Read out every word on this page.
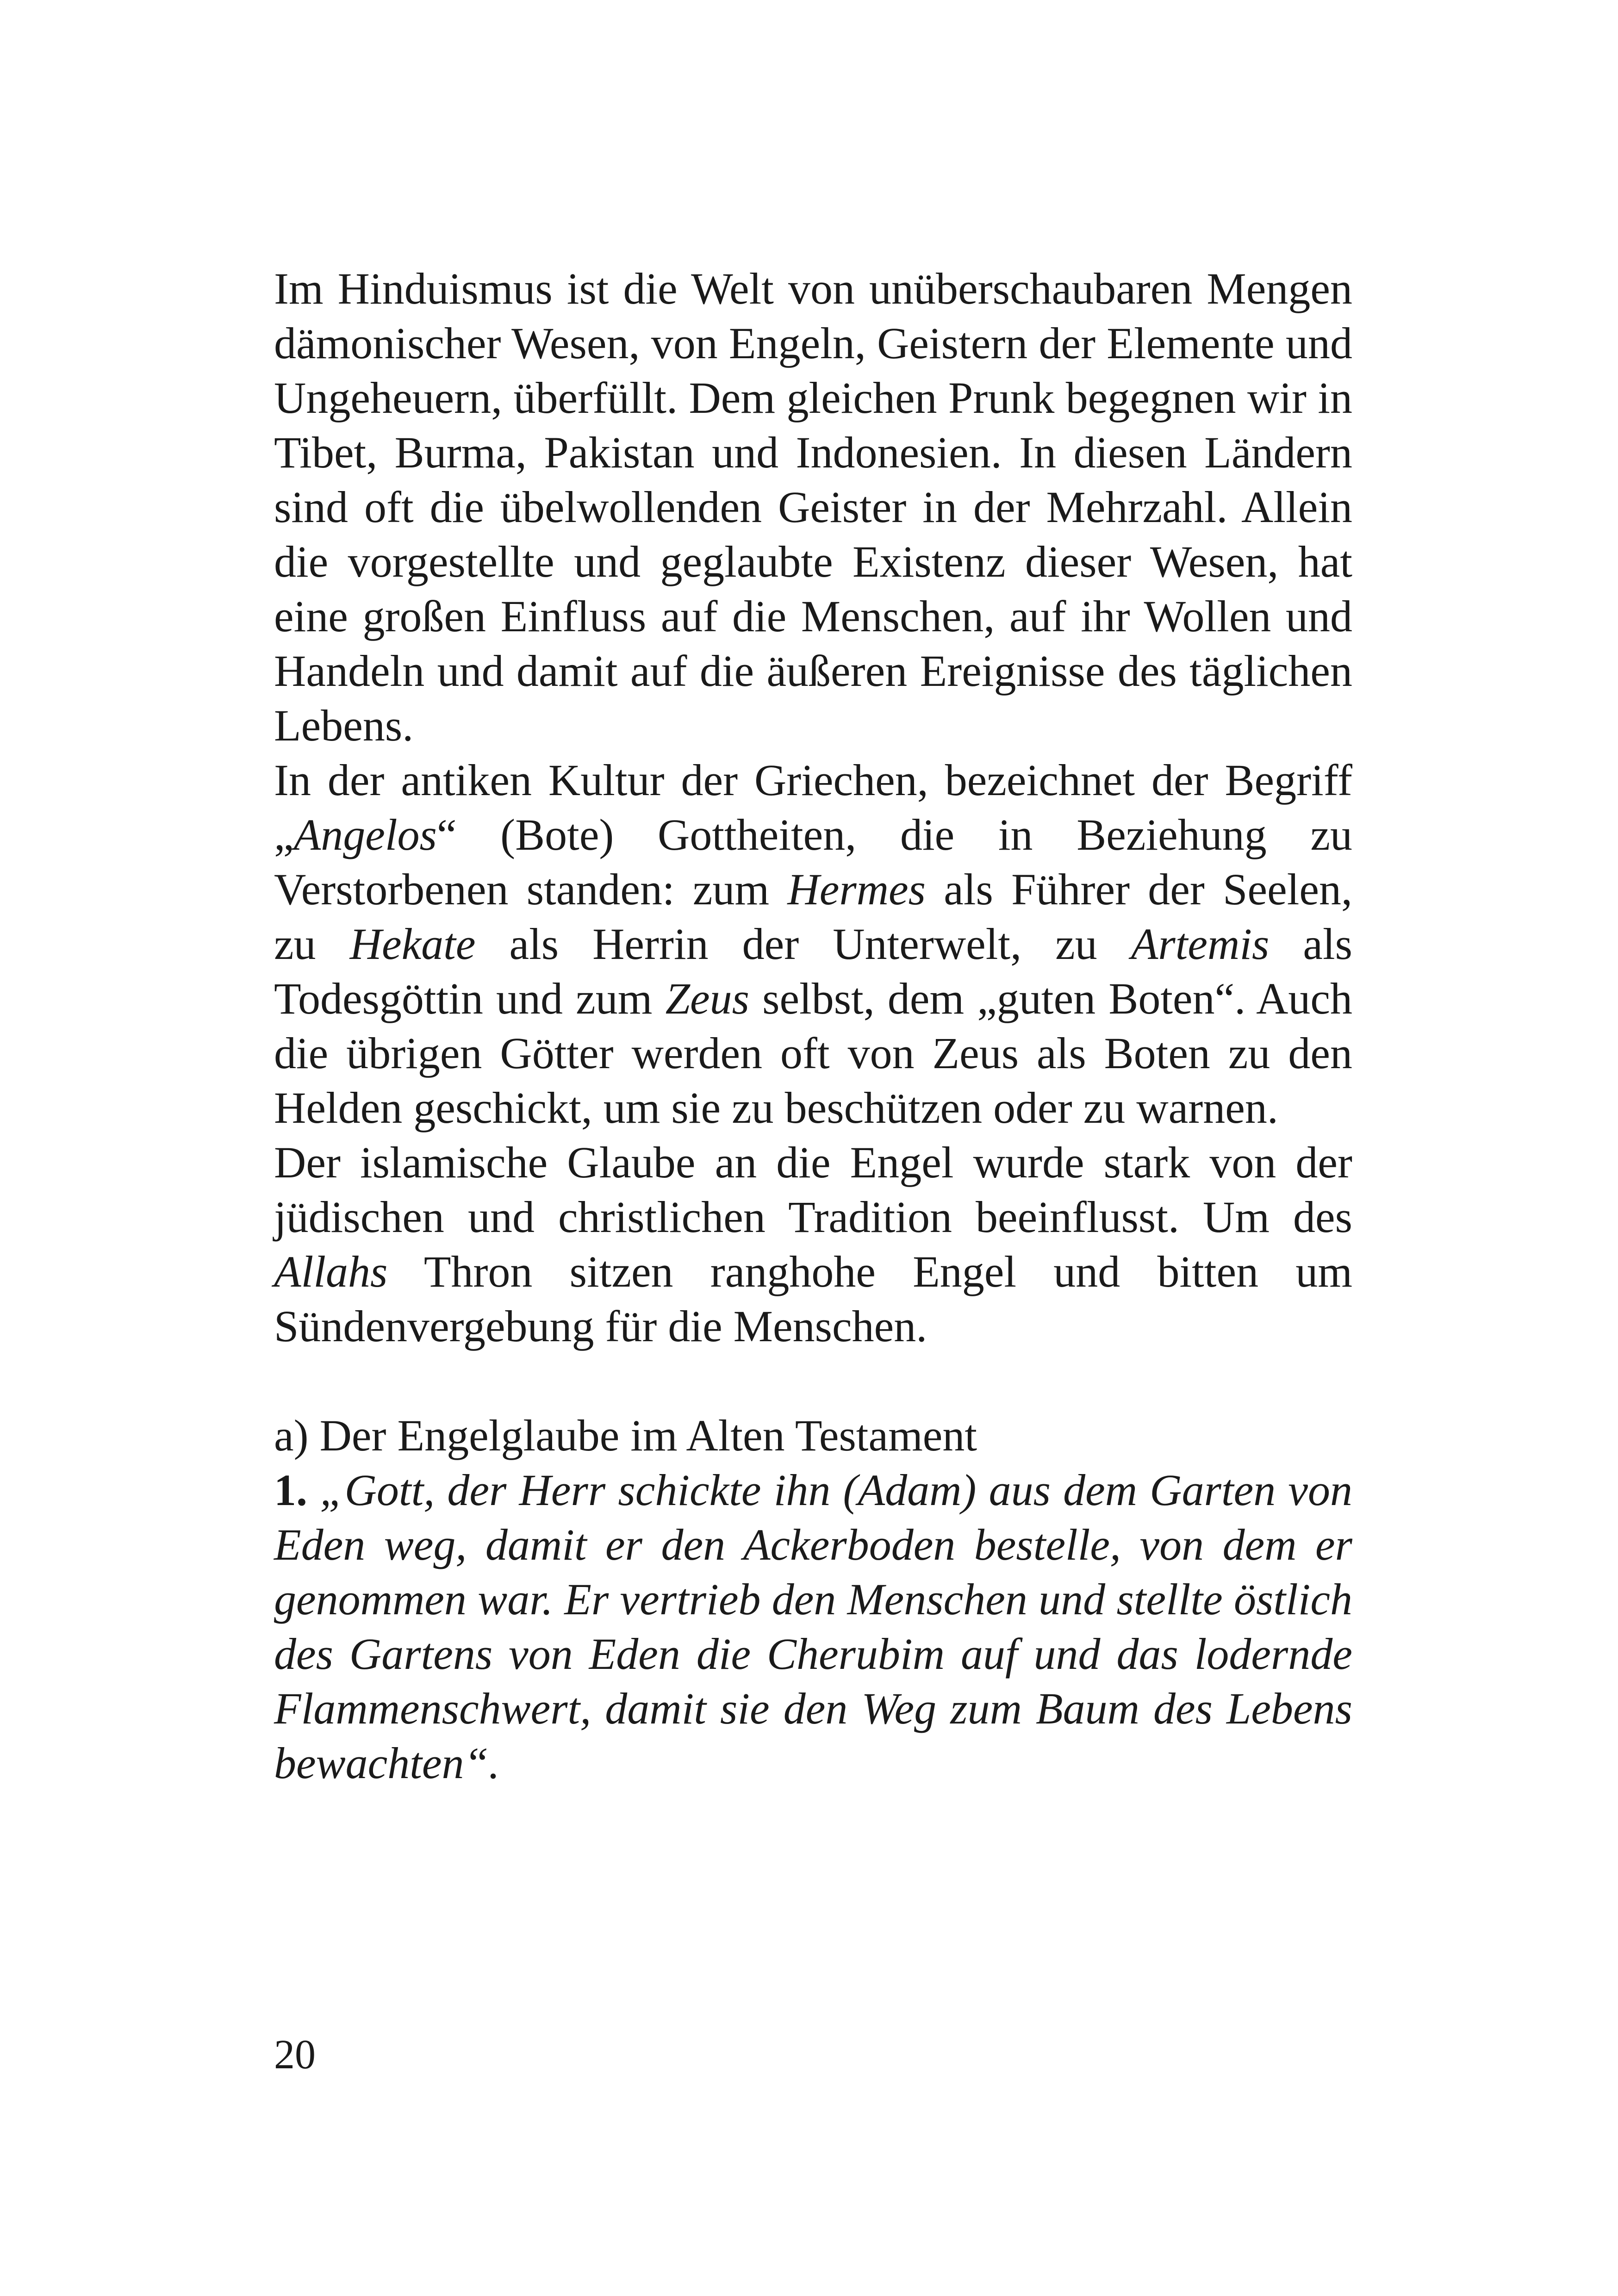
Im Hinduismus ist die Welt von unüberschaubaren Mengen dämonischer Wesen, von Engeln, Geistern der Elemente und Ungeheuern, überfüllt. Dem gleichen Prunk begegnen wir in Tibet, Burma, Pakistan und Indonesien. In diesen Ländern sind oft die übelwollenden Geister in der Mehrzahl. Allein die vorgestellte und geglaubte Existenz dieser Wesen, hat eine großen Einfluss auf die Menschen, auf ihr Wollen und Handeln und damit auf die äußeren Ereignisse des täglichen Lebens.

In der antiken Kultur der Griechen, bezeichnet der Begriff „Angelos“ (Bote) Gottheiten, die in Beziehung zu Verstorbenen standen: zum Hermes als Führer der Seelen, zu Hekate als Herrin der Unterwelt, zu Artemis als Todesgöttin und zum Zeus selbst, dem „guten Boten“. Auch die übrigen Götter werden oft von Zeus als Boten zu den Helden geschickt, um sie zu beschützen oder zu warnen.

Der islamische Glaube an die Engel wurde stark von der jüdischen und christlichen Tradition beeinflusst. Um des Allahs Thron sitzen ranghohe Engel und bitten um Sündenvergebung für die Menschen.

a) Der Engelglaube im Alten Testament

1. „Gott, der Herr schickte ihn (Adam) aus dem Garten von Eden weg, damit er den Ackerboden bestelle, von dem er genommen war. Er vertrieb den Menschen und stellte östlich des Gartens von Eden die Cherubim auf und das lodernde Flammenschwert, damit sie den Weg zum Baum des Lebens bewachten“.

20
